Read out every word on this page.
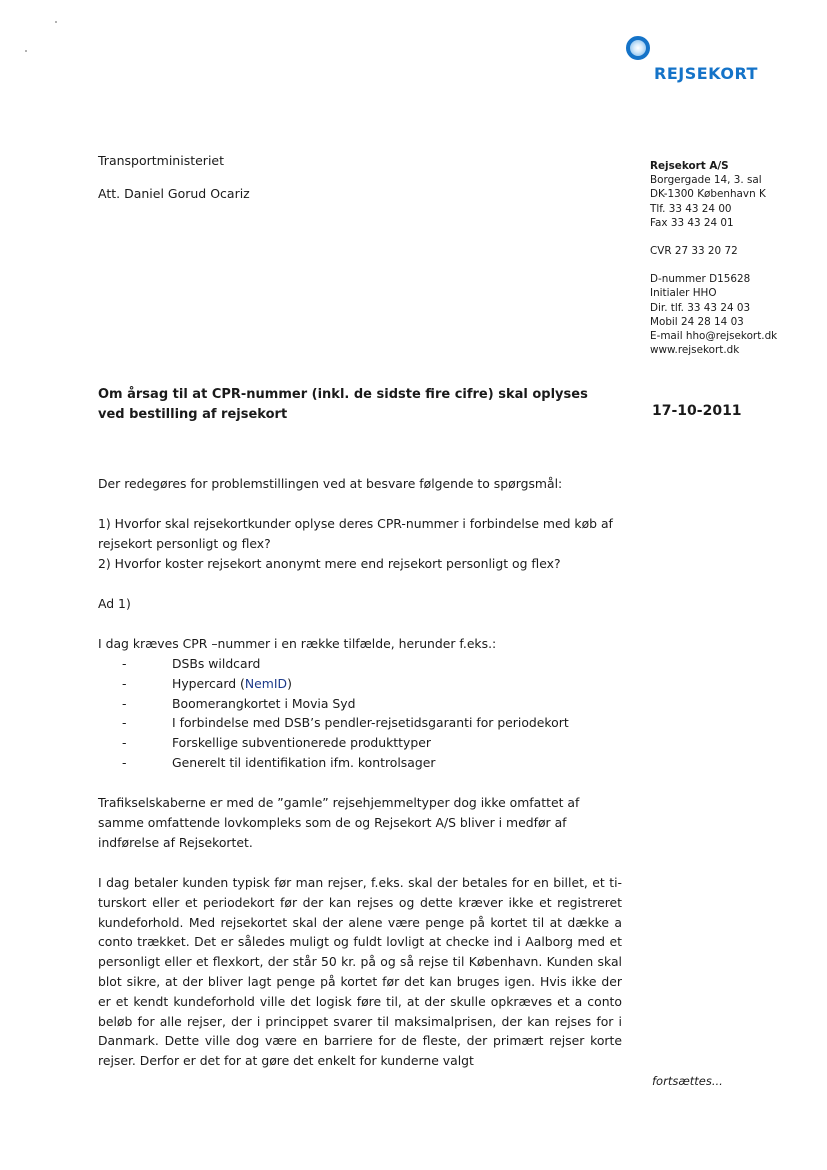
REJSEKORT
Transportministeriet
Att. Daniel Gorud Ocariz
Rejsekort A/S
Borgergade 14, 3. sal
DK-1300 København K
Tlf. 33 43 24 00
Fax 33 43 24 01
CVR 27 33 20 72
D-nummer D15628
Initialer HHO
Dir. tlf. 33 43 24 03
Mobil 24 28 14 03
E-mail hho@rejsekort.dk
www.rejsekort.dk
Om årsag til at CPR-nummer (inkl. de sidste fire cifre) skal oplyses ved bestilling af rejsekort	17-10-2011

Der redegøres for problemstillingen ved at besvare følgende to spørgsmål:

1) Hvorfor skal rejsekortkunder oplyse deres CPR-nummer i forbindelse med køb af rejsekort personligt og flex?

2) Hvorfor koster rejsekort anonymt mere end rejsekort personligt og flex?

Ad 1)

I dag kræves CPR –nummer i en række tilfælde, herunder f.eks.:

-	DSBs wildcard
-	Hypercard (NemID)
-	Boomerangkortet i Movia Syd
-	I forbindelse med DSB’s pendler-rejsetidsgaranti for periodekort
-	Forskellige subventionerede produkttyper
-	Generelt til identifikation ifm. kontrolsager

Trafikselskaberne er med de ”gamle” rejsehjemmeltyper dog ikke omfattet af samme omfattende lovkompleks som de og Rejsekort A/S bliver i medfør af indførelse af Rejsekortet.

I dag betaler kunden typisk før man rejser, f.eks. skal der betales for en billet, et ti-turskort eller et periodekort før der kan rejses og dette kræver ikke et registreret kundeforhold. Med rejsekortet skal der alene være penge på kortet til at dække a conto trækket. Det er således muligt og fuldt lovligt at checke ind i Aalborg med et personligt eller et flexkort, der står 50 kr. på og så rejse til København. Kunden skal blot sikre, at der bliver lagt penge på kortet før det kan bruges igen. Hvis ikke der er et kendt kundeforhold ville det logisk føre til, at der skulle opkræves et a conto beløb for alle rejser, der i princippet svarer til maksimalprisen, der kan rejses for i Danmark. Dette ville dog være en barriere for de fleste, der primært rejser korte rejser. Derfor er det for at gøre det enkelt for kunderne valgt

fortsættes...
